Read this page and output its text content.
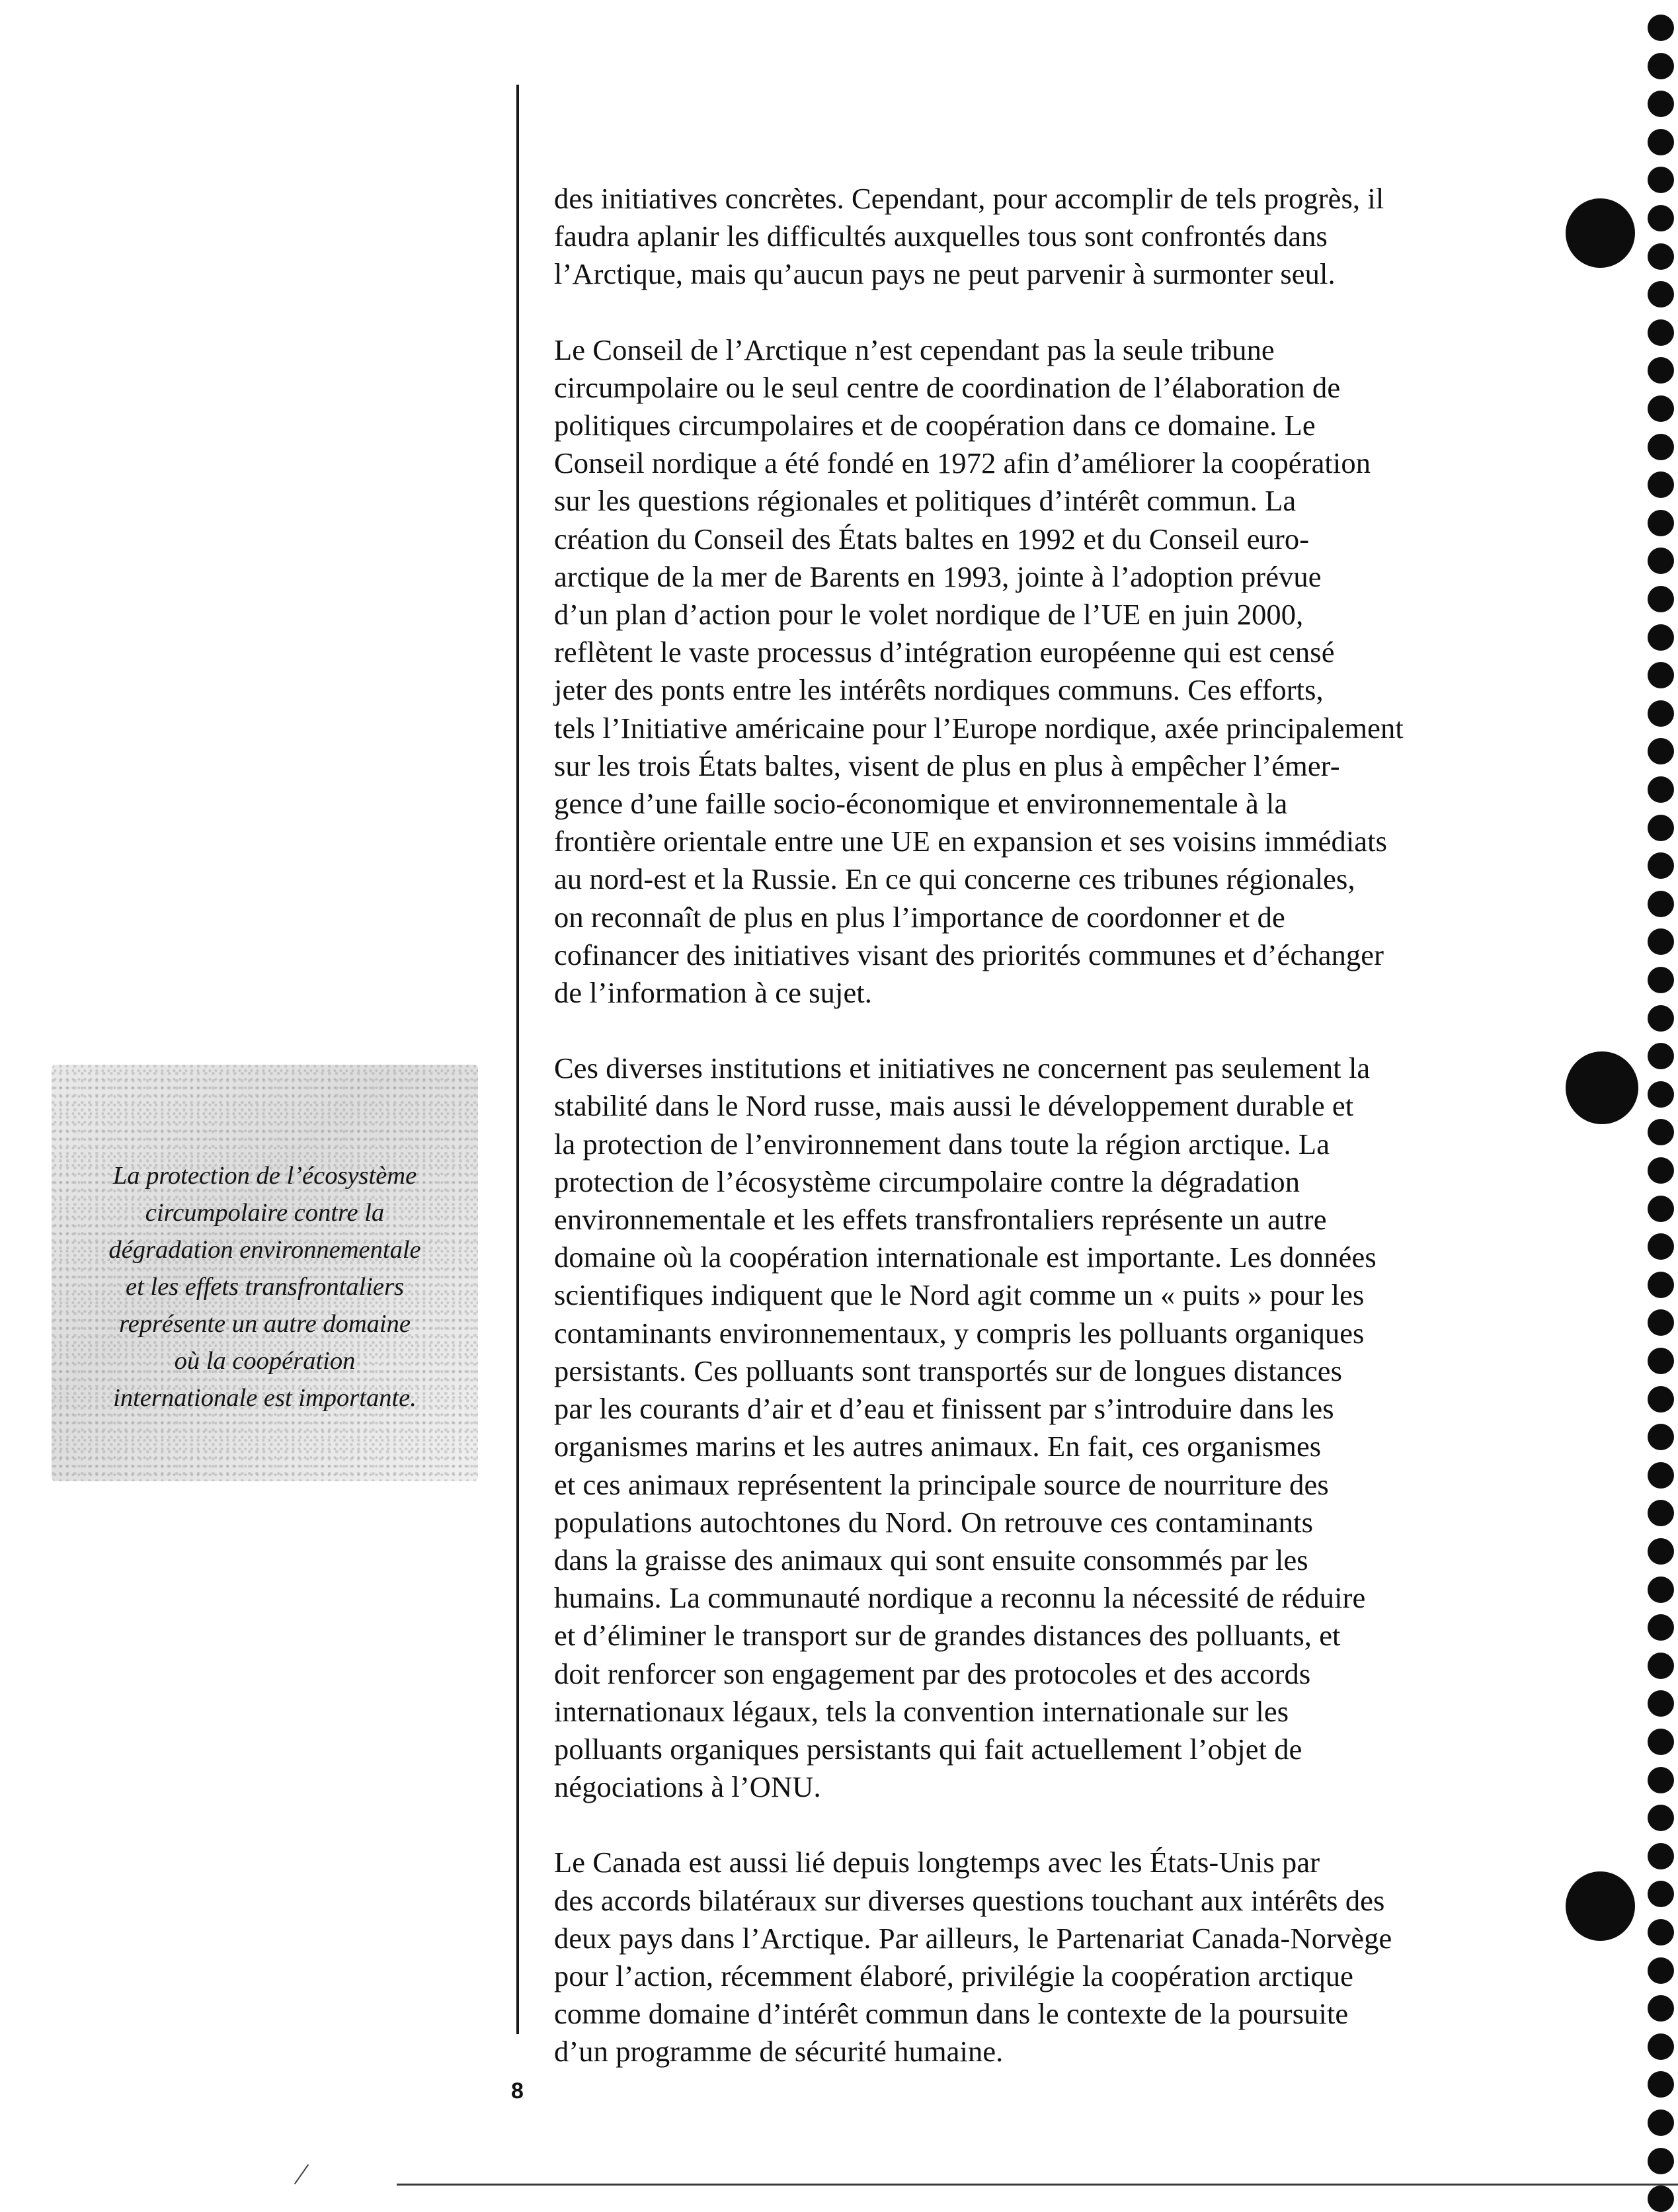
des initiatives concrètes. Cependant, pour accomplir de tels progrès, il
faudra aplanir les difficultés auxquelles tous sont confrontés dans
l’Arctique, mais qu’aucun pays ne peut parvenir à surmonter seul.

Le Conseil de l’Arctique n’est cependant pas la seule tribune
circumpolaire ou le seul centre de coordination de l’élaboration de
politiques circumpolaires et de coopération dans ce domaine. Le
Conseil nordique a été fondé en 1972 afin d’améliorer la coopération
sur les questions régionales et politiques d’intérêt commun. La
création du Conseil des États baltes en 1992 et du Conseil euro-
arctique de la mer de Barents en 1993, jointe à l’adoption prévue
d’un plan d’action pour le volet nordique de l’UE en juin 2000,
reflètent le vaste processus d’intégration européenne qui est censé
jeter des ponts entre les intérêts nordiques communs. Ces efforts,
tels l’Initiative américaine pour l’Europe nordique, axée principalement
sur les trois États baltes, visent de plus en plus à empêcher l’émer-
gence d’une faille socio-économique et environnementale à la
frontière orientale entre une UE en expansion et ses voisins immédiats
au nord-est et la Russie. En ce qui concerne ces tribunes régionales,
on reconnaît de plus en plus l’importance de coordonner et de
cofinancer des initiatives visant des priorités communes et d’échanger
de l’information à ce sujet.

Ces diverses institutions et initiatives ne concernent pas seulement la
stabilité dans le Nord russe, mais aussi le développement durable et
la protection de l’environnement dans toute la région arctique. La
protection de l’écosystème circumpolaire contre la dégradation
environnementale et les effets transfrontaliers représente un autre
domaine où la coopération internationale est importante. Les données
scientifiques indiquent que le Nord agit comme un « puits » pour les
contaminants environnementaux, y compris les polluants organiques
persistants. Ces polluants sont transportés sur de longues distances
par les courants d’air et d’eau et finissent par s’introduire dans les
organismes marins et les autres animaux. En fait, ces organismes
et ces animaux représentent la principale source de nourriture des
populations autochtones du Nord. On retrouve ces contaminants
dans la graisse des animaux qui sont ensuite consommés par les
humains. La communauté nordique a reconnu la nécessité de réduire
et d’éliminer le transport sur de grandes distances des polluants, et
doit renforcer son engagement par des protocoles et des accords
internationaux légaux, tels la convention internationale sur les
polluants organiques persistants qui fait actuellement l’objet de
négociations à l’ONU.

Le Canada est aussi lié depuis longtemps avec les États-Unis par
des accords bilatéraux sur diverses questions touchant aux intérêts des
deux pays dans l’Arctique. Par ailleurs, le Partenariat Canada-Norvège
pour l’action, récemment élaboré, privilégie la coopération arctique
comme domaine d’intérêt commun dans le contexte de la poursuite
d’un programme de sécurité humaine.

La protection de l’écosystème
circumpolaire contre la
dégradation environnementale
et les effets transfrontaliers
représente un autre domaine
où la coopération
internationale est importante.
8
